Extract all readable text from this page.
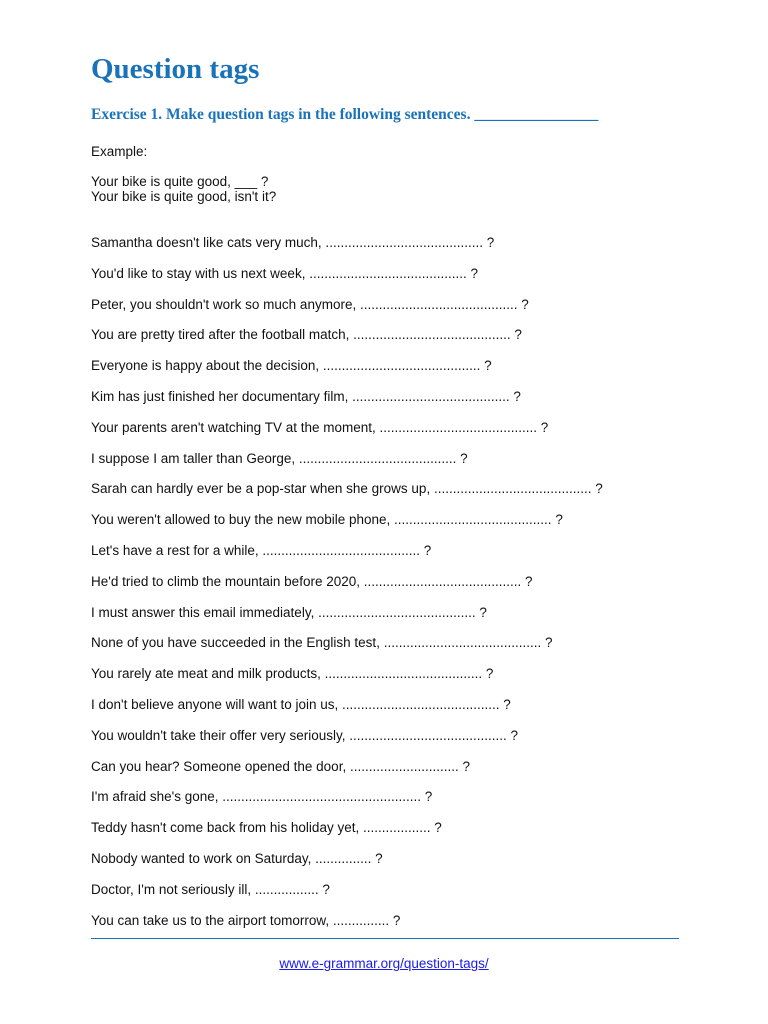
Question tags
Exercise 1. Make question tags in the following sentences. ________________
Example:
Your bike is quite good, ___ ?
Your bike is quite good, isn't it?
Samantha doesn't like cats very much, .......................................... ?
You'd like to stay with us next week, .......................................... ?
Peter, you shouldn't work so much anymore, .......................................... ?
You are pretty tired after the football match, .......................................... ?
Everyone is happy about the decision, .......................................... ?
Kim has just finished her documentary film, .......................................... ?
Your parents aren't watching TV at the moment, .......................................... ?
I suppose I am taller than George, .......................................... ?
Sarah can hardly ever be a pop-star when she grows up, .......................................... ?
You weren't allowed to buy the new mobile phone, .......................................... ?
Let's have a rest for a while, .......................................... ?
He'd tried to climb the mountain before 2020, .......................................... ?
I must answer this email immediately, .......................................... ?
None of you have succeeded in the English test, .......................................... ?
You rarely ate meat and milk products, .......................................... ?
I don't believe anyone will want to join us, .......................................... ?
You wouldn't take their offer very seriously, .......................................... ?
Can you hear? Someone opened the door, ............................. ?
I'm afraid she's gone, ..................................................... ?
Teddy hasn't come back from his holiday yet, .................. ?
Nobody wanted to work on Saturday, ............... ?
Doctor, I'm not seriously ill, ................. ?
You can take us to the airport tomorrow, ............... ?
www.e-grammar.org/question-tags/
